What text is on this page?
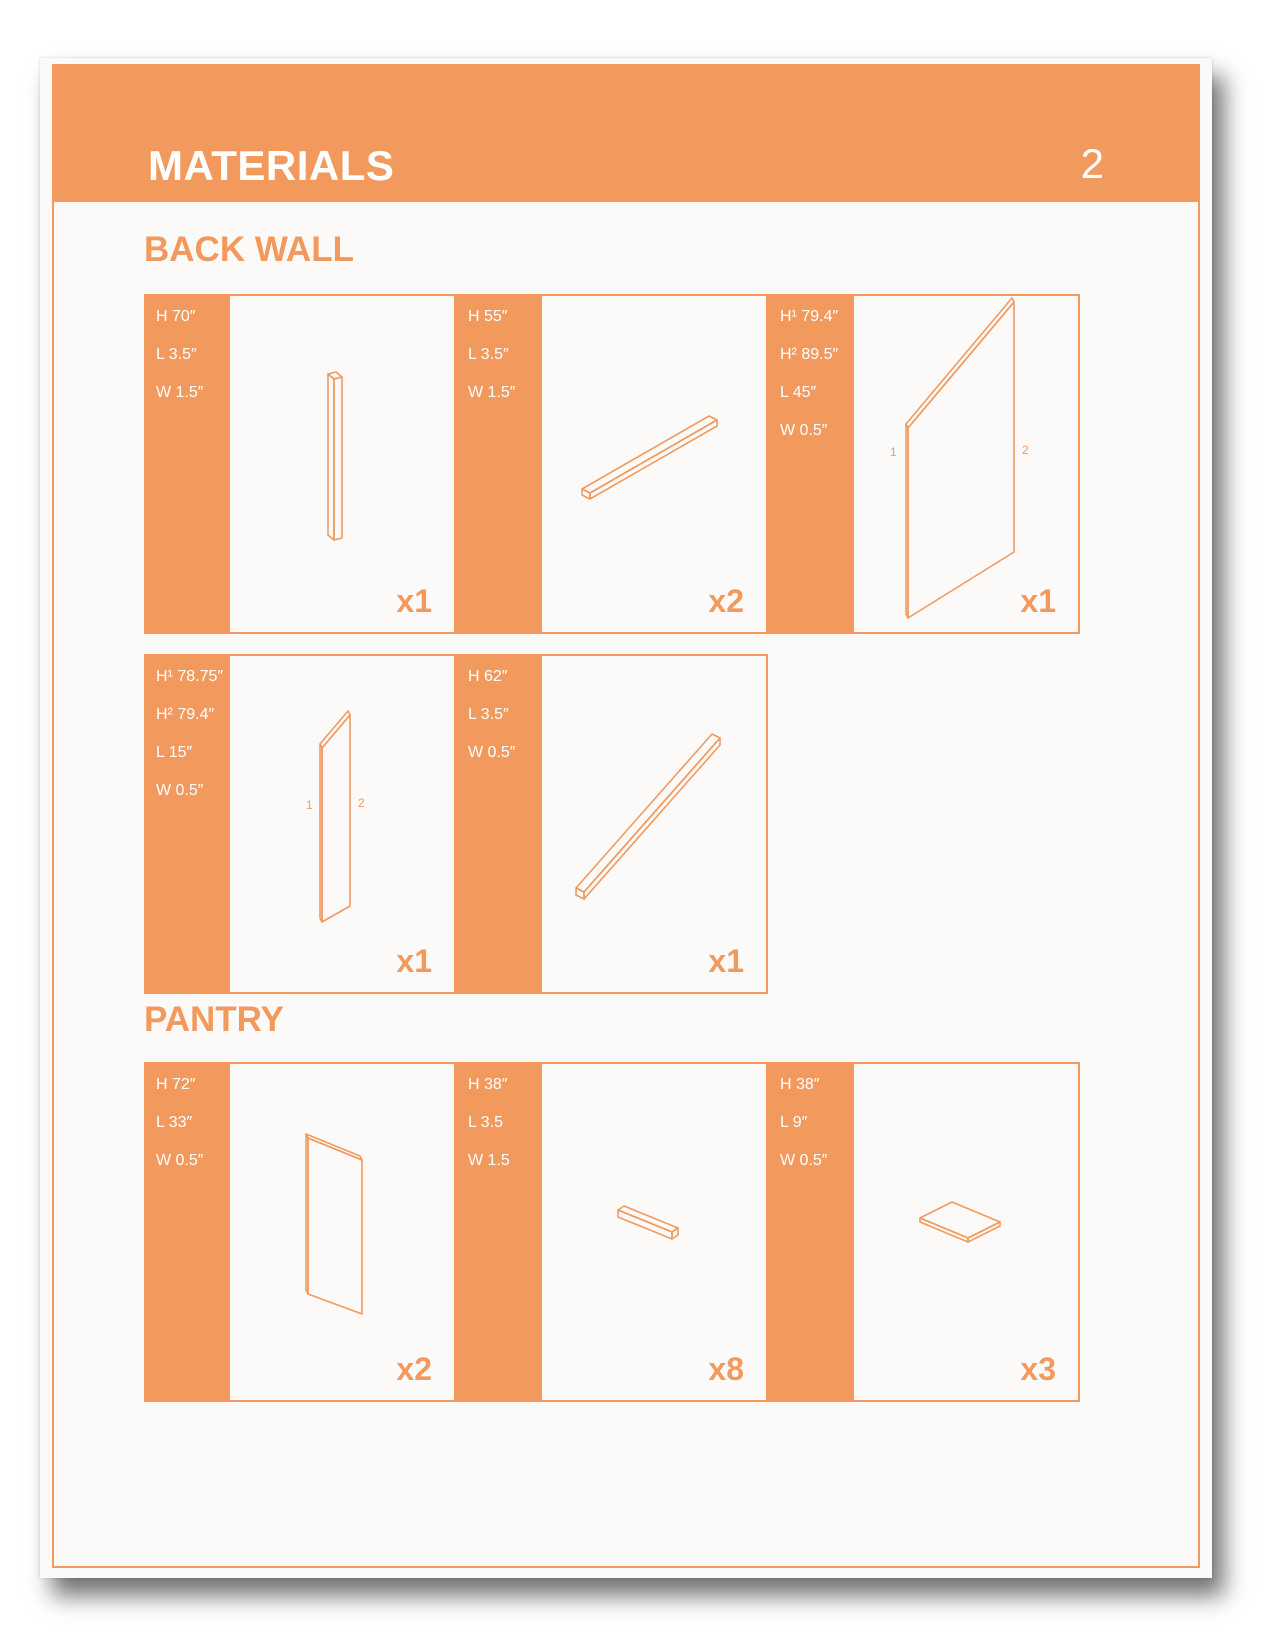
MATERIALS	2
BACK WALL
H 70″
L 3.5″
W 1.5″
x1
H 55″
L 3.5″
W 1.5″
x2
H¹ 79.4″
H² 89.5″
L 45″
W 0.5″
1	2
x1
H¹ 78.75″
H² 79.4″
L 15″
W 0.5″
1	2
x1
H 62″
L 3.5″
W 0.5″
x1
PANTRY
H 72″
L 33″
W 0.5″
x2
H 38″
L 3.5
W 1.5
x8
H 38″
L 9″
W 0.5″
x3
